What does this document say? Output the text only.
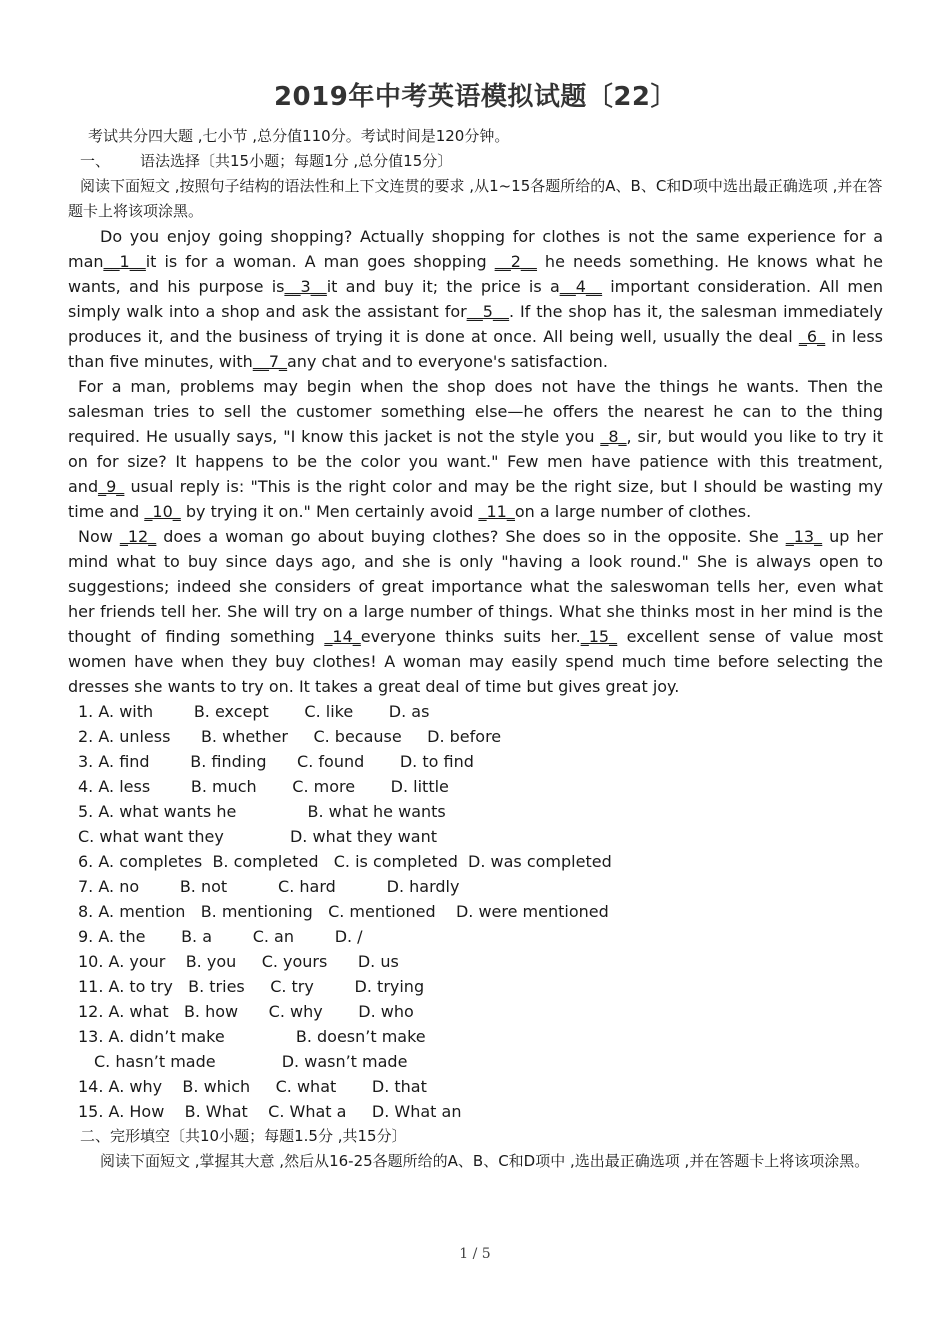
2019年中考英语模拟试题〔22〕
考试共分四大题 ,七小节 ,总分值110分。考试时间是120分钟。
一、 语法选择〔共15小题；每题1分 ,总分值15分〕
阅读下面短文 ,按照句子结构的语法性和上下文连贯的要求 ,从1~15各题所给的A、B、C和D项中选出最正确选项 ,并在答题卡上将该项涂黑。

Do you enjoy going shopping? Actually shopping for clothes is not the same experience for a man__1__it is for a woman. A man goes shopping __2__ he needs something. He knows what he wants, and his purpose is__3__it and buy it; the price is a__4__ important consideration. All men simply walk into a shop and ask the assistant for__5__. If the shop has it, the salesman immediately produces it, and the business of trying it is done at once. All being well, usually the deal _6_ in less than five minutes, with__7_any chat and to everyone's satisfaction.

For a man, problems may begin when the shop does not have the things he wants. Then the salesman tries to sell the customer something else—he offers the nearest he can to the thing required. He usually says, "I know this jacket is not the style you _8_, sir, but would you like to try it on for size? It happens to be the color you want." Few men have patience with this treatment, and_9_ usual reply is: "This is the right color and may be the right size, but I should be wasting my time and _10_ by trying it on." Men certainly avoid _11_on a large number of clothes.

Now _12_ does a woman go about buying clothes? She does so in the opposite. She _13_ up her mind what to buy since days ago, and she is only "having a look round." She is always open to suggestions; indeed she considers of great importance what the saleswoman tells her, even what her friends tell her. She will try on a large number of things. What she thinks most in her mind is the thought of finding something _14_everyone thinks suits her._15_ excellent sense of value most women have when they buy clothes! A woman may easily spend much time before selecting the dresses she wants to try on. It takes a great deal of time but gives great joy.

1. A. with	B. except C. like D. as
2. A. unless B. whether C. because D. before
3. A. find	B. finding C. found D. to find
4. A. less	B. much C. more D. little
5. A. what wants he	B. what he wants
C. what want they	D. what they want
6. A. completes B. completed C. is completed D. was completed
7. A. no	B. not	C. hard	D. hardly
8. A. mention B. mentioning C. mentioned D. were mentioned
9. A. the B. a	C. an	D. /
10. A. your B. you C. yours D. us
11. A. to try B. tries C. try	D. trying
12. A. what B. how C. why D. who
13. A. didn’t make	B. doesn’t make
C. hasn’t made	D. wasn’t made
14. A. why B. which C. what D. that
15. A. How B. What C. What a D. What an
二、完形填空〔共10小题；每题1.5分 ,共15分〕
阅读下面短文 ,掌握其大意 ,然后从16-25各题所给的A、B、C和D项中 ,选出最正确选项 ,并在答题卡上将该项涂黑。
1 / 5
